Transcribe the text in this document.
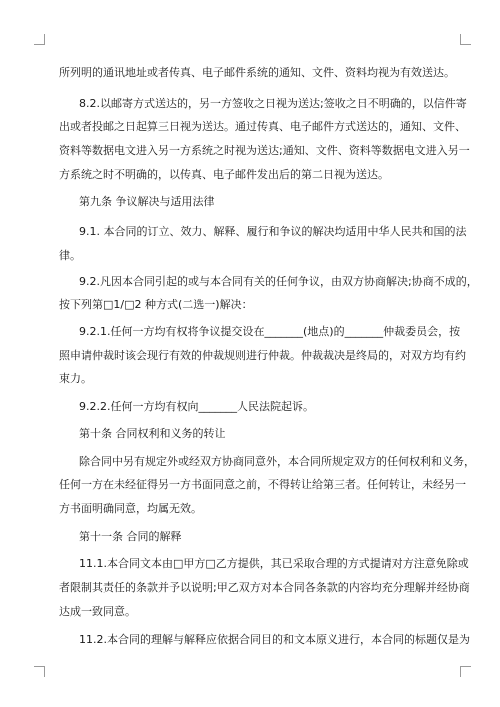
所列明的通讯地址或者传真、电子邮件系统的通知、文件、资料均视为有效送达。
8.2.以邮寄方式送达的，另一方签收之日视为送达;签收之日不明确的，以信件寄
出或者投邮之日起算三日视为送达。通过传真、电子邮件方式送达的，通知、文件、
资料等数据电文进入另一方系统之时视为送达;通知、文件、资料等数据电文进入另一
方系统之时不明确的，以传真、电子邮件发出后的第二日视为送达。
第九条 争议解决与适用法律
9.1. 本合同的订立、效力、解释、履行和争议的解决均适用中华人民共和国的法
律。
9.2.凡因本合同引起的或与本合同有关的任何争议，由双方协商解决;协商不成的，
按下列第□1/□2 种方式(二选一)解决：
9.2.1.任何一方均有权将争议提交设在_______(地点)的_______仲裁委员会，按
照申请仲裁时该会现行有效的仲裁规则进行仲裁。仲裁裁决是终局的，对双方均有约
束力。
9.2.2.任何一方均有权向_______人民法院起诉。
第十条 合同权利和义务的转让
除合同中另有规定外或经双方协商同意外，本合同所规定双方的任何权利和义务，
任何一方在未经征得另一方书面同意之前，不得转让给第三者。任何转让，未经另一
方书面明确同意，均属无效。
第十一条 合同的解释
11.1.本合同文本由□甲方□乙方提供，其已采取合理的方式提请对方注意免除或
者限制其责任的条款并予以说明;甲乙双方对本合同各条款的内容均充分理解并经协商
达成一致同意。
11.2.本合同的理解与解释应依据合同目的和文本原义进行，本合同的标题仅是为
